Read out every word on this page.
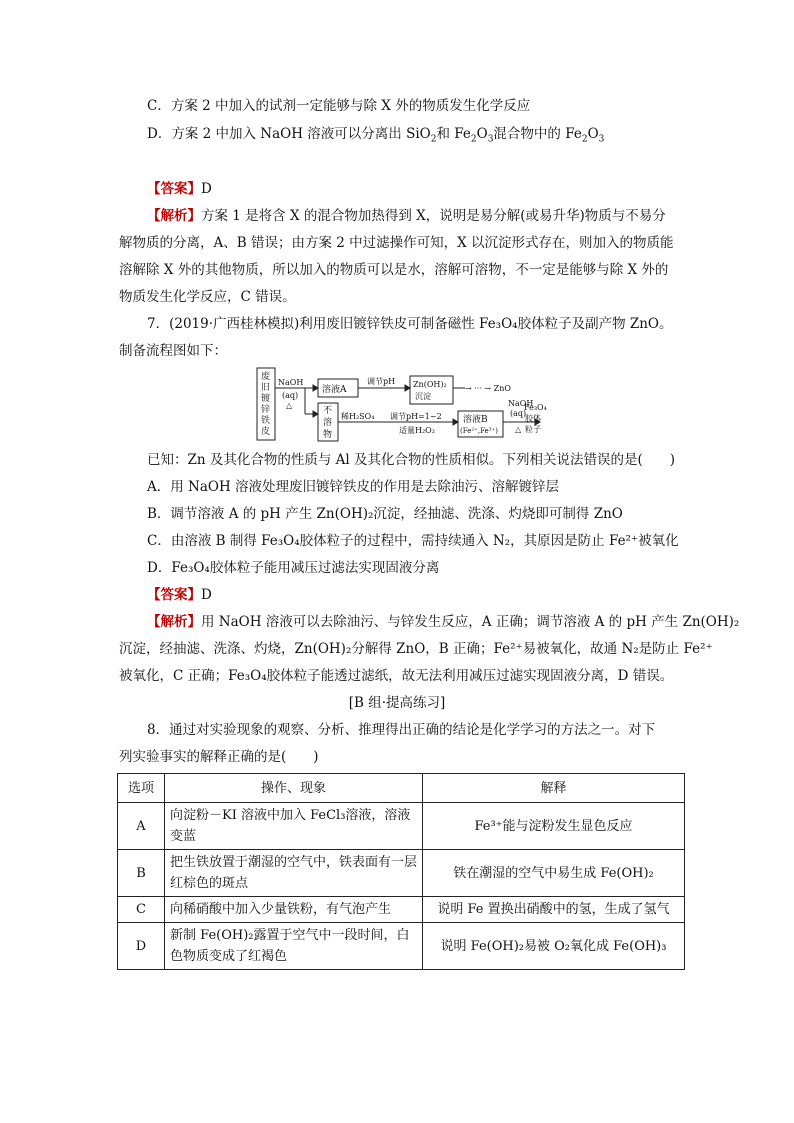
C．方案 2 中加入的试剂一定能够与除 X 外的物质发生化学反应
D．方案 2 中加入 NaOH 溶液可以分离出 SiO$_2$和 $Fe_2O_3$混合物中的 $Fe_2O_3$
【答案】D
【解析】方案 1 是将含 X 的混合物加热得到 X，说明是易分解(或易升华)物质与不易分
解物质的分离，A、B 错误；由方案 2 中过滤操作可知，X 以沉淀形式存在，则加入的物质能
溶解除 X 外的其他物质，所以加入的物质可以是水，溶解可溶物，不一定是能够与除 X 外的
物质发生化学反应，C 错误。
7．(2019·广西桂林模拟)利用废旧镀锌铁皮可制备磁性 Fe₃O₄胶体粒子及副产物 ZnO。
制备流程图如下：
废
旧
镀
锌
铁
皮
NaOH
(aq)
△
溶液A
调节pH Zn(OH)₂
沉淀
→ ··· → ZnO
不
溶
物
稀H₂SO₄ 调节pH=1~2
适量H₂O₂
溶液B
(Fe²⁺,Fe³⁺)
NaOH
(aq)
△
Fe₃O₄
胶体
粒子
已知：Zn 及其化合物的性质与 Al 及其化合物的性质相似。下列相关说法错误的是(　　)
A．用 NaOH 溶液处理废旧镀锌铁皮的作用是去除油污、溶解镀锌层
B．调节溶液 A 的 pH 产生 Zn(OH)₂沉淀，经抽滤、洗涤、灼烧即可制得 ZnO
C．由溶液 B 制得 Fe₃O₄胶体粒子的过程中，需持续通入 N₂，其原因是防止 Fe²⁺被氧化
D．Fe₃O₄胶体粒子能用减压过滤法实现固液分离
【答案】D
【解析】用 NaOH 溶液可以去除油污、与锌发生反应，A 正确；调节溶液 A 的 pH 产生 Zn(OH)₂
沉淀，经抽滤、洗涤、灼烧，Zn(OH)₂分解得 ZnO，B 正确；Fe²⁺易被氧化，故通 N₂是防止 Fe²⁺
被氧化，C 正确；Fe₃O₄胶体粒子能透过滤纸，故无法利用减压过滤实现固液分离，D 错误。
[B 组·提高练习]
8．通过对实验现象的观察、分析、推理得出正确的结论是化学学习的方法之一。对下
列实验事实的解释正确的是(　　)
选项	操作、现象	解释
A	向淀粉－KI 溶液中加入 FeCl₃溶液，溶液变蓝	Fe³⁺能与淀粉发生显色反应
B	把生铁放置于潮湿的空气中，铁表面有一层红棕色的斑点	铁在潮湿的空气中易生成 Fe(OH)₂
C	向稀硝酸中加入少量铁粉，有气泡产生	说明 Fe 置换出硝酸中的氢，生成了氢气
D	新制 Fe(OH)₂露置于空气中一段时间，白色物质变成了红褐色	说明 Fe(OH)₂易被 O₂氧化成 Fe(OH)₃
